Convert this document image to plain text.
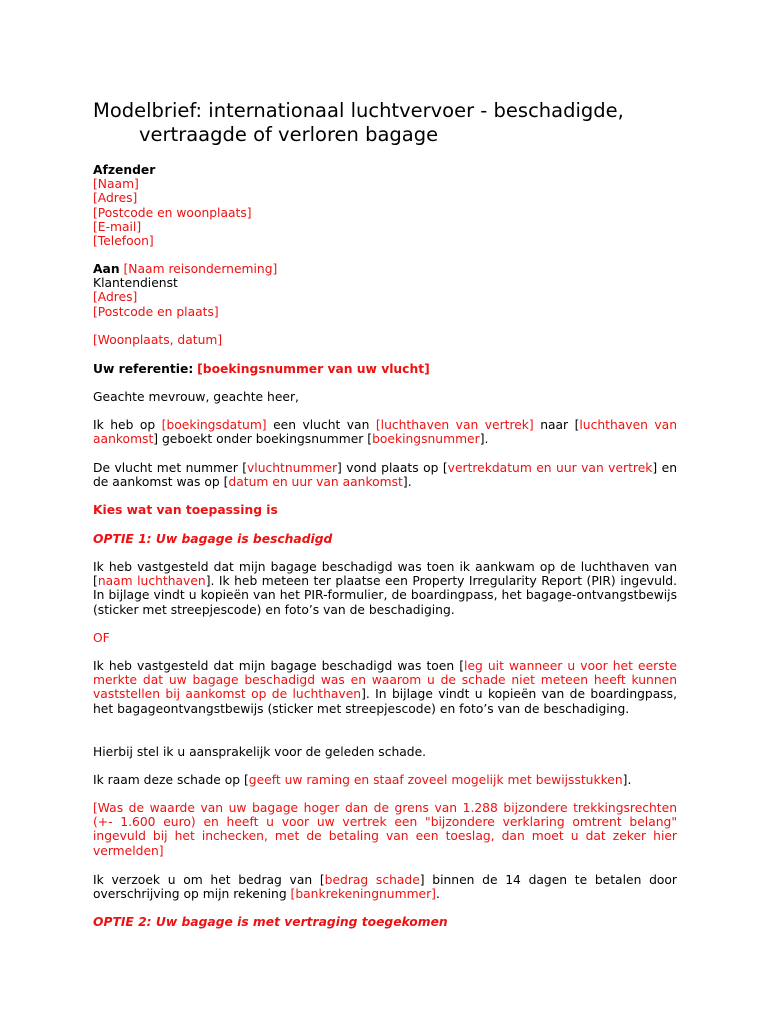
Modelbrief: internationaal luchtvervoer - beschadigde,
vertraagde of verloren bagage
Afzender
[Naam]
[Adres]
[Postcode en woonplaats]
[E-mail]
[Telefoon]
Aan [Naam reisonderneming]
Klantendienst
[Adres]
[Postcode en plaats]
[Woonplaats, datum]
Uw referentie: [boekingsnummer van uw vlucht]
Geachte mevrouw, geachte heer,
Ik heb op [boekingsdatum] een vlucht van [luchthaven van vertrek] naar [luchthaven van aankomst] geboekt onder boekingsnummer [boekingsnummer].
De vlucht met nummer [vluchtnummer] vond plaats op [vertrekdatum en uur van vertrek] en de aankomst was op [datum en uur van aankomst].
Kies wat van toepassing is
OPTIE 1: Uw bagage is beschadigd
Ik heb vastgesteld dat mijn bagage beschadigd was toen ik aankwam op de luchthaven van [naam luchthaven]. Ik heb meteen ter plaatse een Property Irregularity Report (PIR) ingevuld. In bijlage vindt u kopieën van het PIR-formulier, de boardingpass, het bagage-ontvangstbewijs (sticker met streepjescode) en foto’s van de beschadiging.
OF
Ik heb vastgesteld dat mijn bagage beschadigd was toen [leg uit wanneer u voor het eerste merkte dat uw bagage beschadigd was en waarom u de schade niet meteen heeft kunnen vaststellen bij aankomst op de luchthaven]. In bijlage vindt u kopieën van de boardingpass, het bagageontvangstbewijs (sticker met streepjescode) en foto’s van de beschadiging.
Hierbij stel ik u aansprakelijk voor de geleden schade.
Ik raam deze schade op [geeft uw raming en staaf zoveel mogelijk met bewijsstukken].
[Was de waarde van uw bagage hoger dan de grens van 1.288 bijzondere trekkingsrechten (+- 1.600 euro) en heeft u voor uw vertrek een "bijzondere verklaring omtrent belang" ingevuld bij het inchecken, met de betaling van een toeslag, dan moet u dat zeker hier vermelden]
Ik verzoek u om het bedrag van [bedrag schade] binnen de 14 dagen te betalen door overschrijving op mijn rekening [bankrekeningnummer].
OPTIE 2: Uw bagage is met vertraging toegekomen
